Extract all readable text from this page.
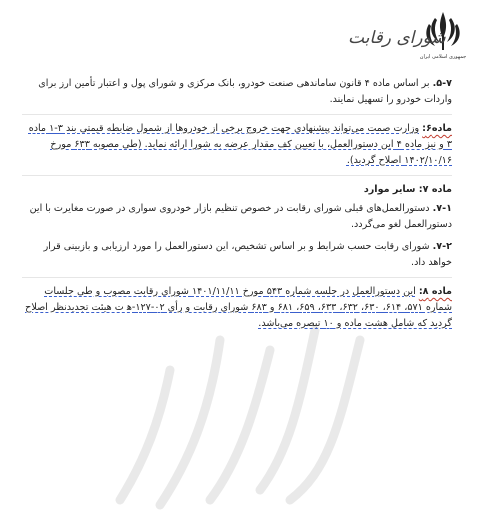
جمهوری اسلامی ایران
شورای رقابت

۵-۷. بر اساس ماده ۴ قانون ساماندهی صنعت خودرو، بانک مرکزی و شورای پول و اعتبار تأمین ارز برای واردات خودرو را تسهیل نمایند.

ماده۶: وزارت صمت می‌تواند پیشنهادی جهت خروج برخی از خودروها از شمول ضابطه قیمتی بند ۳-۱ ماده ۳ و نیز ماده ۴ این دستورالعمل، با تعیین کف مقدار عرضه به شورا ارائه نماید. (طی مصوبه ۶۳۳ مورخ ۱۴۰۲/۱۰/۱۶ اصلاح گردید).

ماده ۷: سایر موارد

۷-۱. دستورالعمل‌های قبلی شورای رقابت در خصوص تنظیم بازار خودروی سواری در صورت مغایرت با این دستورالعمل لغو می‌گردد.

۷-۲. شورای رقابت حسب شرایط و بر اساس تشخیص، این دستورالعمل را مورد ارزیابی و بازبینی قرار خواهد داد.

ماده ۸: این دستورالعمل در جلسه شماره ۵۴۳ مورخ ۱۴۰۱/۱۱/۱۱ شورای رقابت مصوب و طی جلسات شماره ۵۷۱، ۶۱۴، ۶۳۰، ۶۳۲، ۶۳۳، ۶۵۹، ۶۸۱ و ۶۸۳ شورای رقابت و رأی ۰۲-۱۲۷-ه‍ ت هیئت تجدیدنظر اصلاح گردید که شامل هشت ماده و ۱۰ تبصره می‌باشد.
